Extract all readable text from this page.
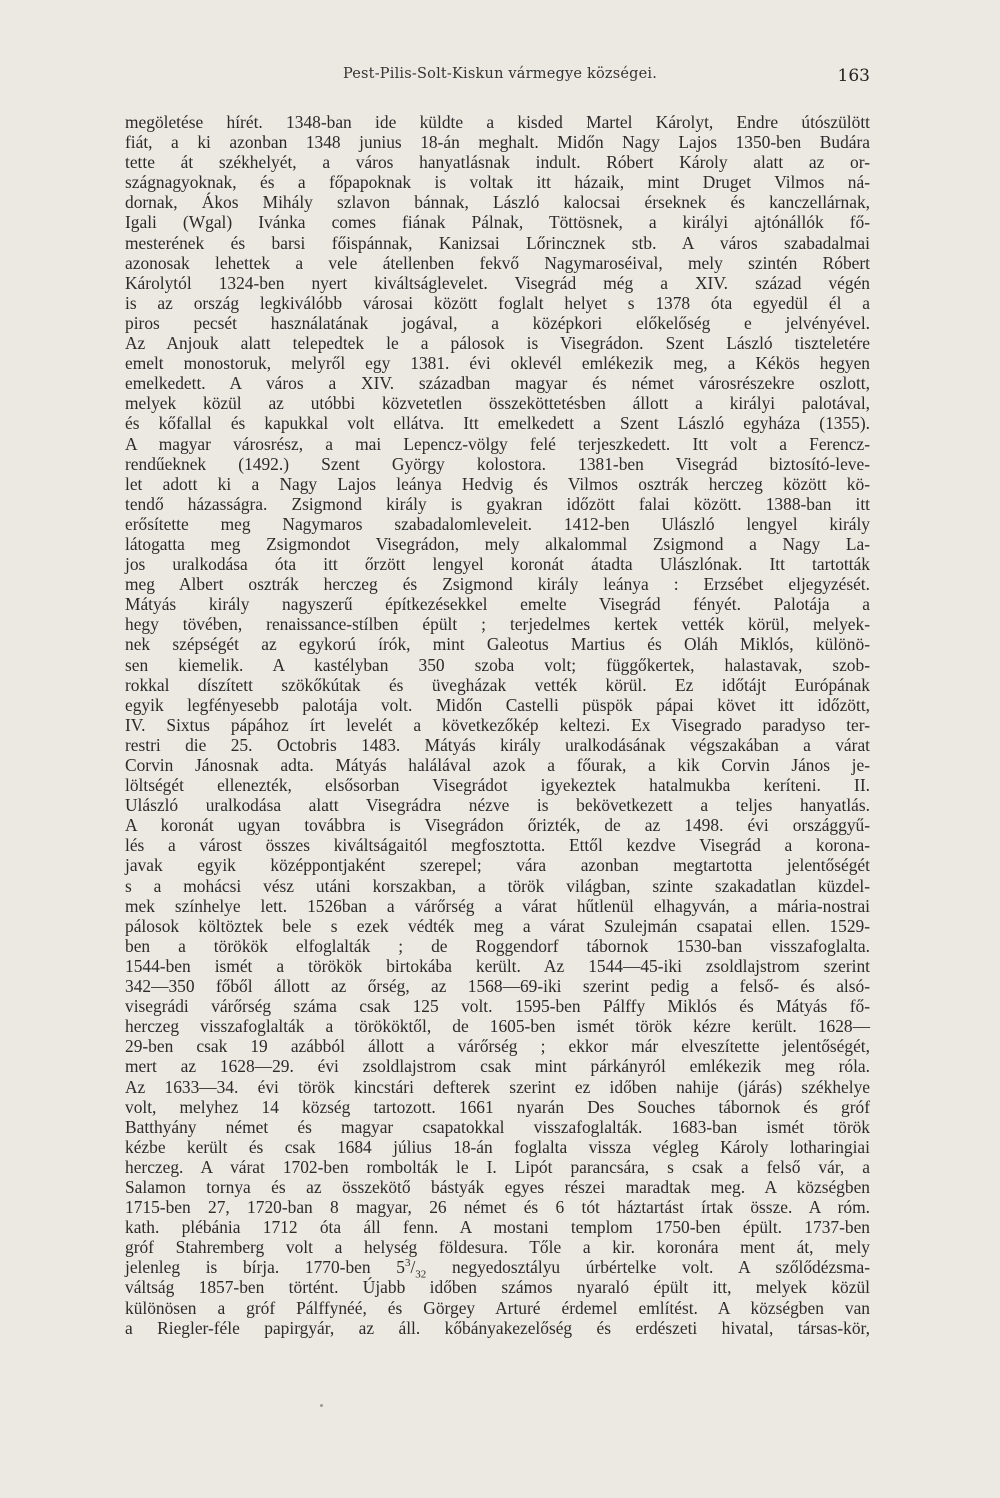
Pest-Pilis-Solt-Kiskun vármegye községei.	163
megöletése hírét. 1348-ban ide küldte a kisded Martel Károlyt, Endre útószülött
fiát, a ki azonban 1348 junius 18-án meghalt. Midőn Nagy Lajos 1350-ben Budára
tette át székhelyét, a város hanyatlásnak indult. Róbert Károly alatt az or-
szágnagyoknak, és a főpapoknak is voltak itt házaik, mint Druget Vilmos ná-
dornak, Ákos Mihály szlavon bánnak, László kalocsai érseknek és kanczellárnak,
Igali (Wgal) Ivánka comes fiának Pálnak, Töttösnek, a királyi ajtónállók fő-
mesterének és barsi főispánnak, Kanizsai Lőrincznek stb. A város szabadalmai
azonosak lehettek a vele átellenben fekvő Nagymaroséival, mely szintén Róbert
Károlytól 1324-ben nyert kiváltságlevelet. Visegrád még a XIV. század végén
is az ország legkiválóbb városai között foglalt helyet s 1378 óta egyedül él a
piros pecsét használatának jogával, a középkori előkelőség e jelvényével.
Az Anjouk alatt telepedtek le a pálosok is Visegrádon. Szent László tiszteletére
emelt monostoruk, melyről egy 1381. évi oklevél emlékezik meg, a Kékös hegyen
emelkedett. A város a XIV. században magyar és német városrészekre oszlott,
melyek közül az utóbbi közvetetlen összeköttetésben állott a királyi palotával,
és kőfallal és kapukkal volt ellátva. Itt emelkedett a Szent László egyháza (1355).
A magyar városrész, a mai Lepencz-völgy felé terjeszkedett. Itt volt a Ferencz-
rendűeknek (1492.) Szent György kolostora. 1381-ben Visegrád biztosító-leve-
let adott ki a Nagy Lajos leánya Hedvig és Vilmos osztrák herczeg között kö-
tendő házasságra. Zsigmond király is gyakran időzött falai között. 1388-ban itt
erősítette meg Nagymaros szabadalomleveleit. 1412-ben Ulászló lengyel király
látogatta meg Zsigmondot Visegrádon, mely alkalommal Zsigmond a Nagy La-
jos uralkodása óta itt őrzött lengyel koronát átadta Ulászlónak. Itt tartották
meg Albert osztrák herczeg és Zsigmond király leánya : Erzsébet eljegyzését.
Mátyás király nagyszerű építkezésekkel emelte Visegrád fényét. Palotája a
hegy tövében, renaissance-stílben épült ; terjedelmes kertek vették körül, melyek-
nek szépségét az egykorú írók, mint Galeotus Martius és Oláh Miklós, különö-
sen kiemelik. A kastélyban 350 szoba volt; függőkertek, halastavak, szob-
rokkal díszített szökőkútak és üvegházak vették körül. Ez időtájt Európának
egyik legfényesebb palotája volt. Midőn Castelli püspök pápai követ itt időzött,
IV. Sixtus pápához írt levelét a következőkép keltezi. Ex Visegrado paradyso ter-
restri die 25. Octobris 1483. Mátyás király uralkodásának végszakában a várat
Corvin Jánosnak adta. Mátyás halálával azok a főurak, a kik Corvin János je-
löltségét ellenezték, elsősorban Visegrádot igyekeztek hatalmukba keríteni. II.
Ulászló uralkodása alatt Visegrádra nézve is bekövetkezett a teljes hanyatlás.
A koronát ugyan továbbra is Visegrádon őrizték, de az 1498. évi országgyű-
lés a várost összes kiváltságaitól megfosztotta. Ettől kezdve Visegrád a korona-
javak egyik középpontjaként szerepel; vára azonban megtartotta jelentőségét
s a mohácsi vész utáni korszakban, a török világban, szinte szakadatlan küzdel-
mek színhelye lett. 1526ban a várőrség a várat hűtlenül elhagyván, a mária-nostrai
pálosok költöztek bele s ezek védték meg a várat Szulejmán csapatai ellen. 1529-
ben a törökök elfoglalták ; de Roggendorf tábornok 1530-ban visszafoglalta.
1544-ben ismét a törökök birtokába került. Az 1544—45-iki zsoldlajstrom szerint
342—350 főből állott az őrség, az 1568—69-iki szerint pedig a felső- és alsó-
visegrádi várőrség száma csak 125 volt. 1595-ben Pálffy Miklós és Mátyás fő-
herczeg visszafoglalták a törököktől, de 1605-ben ismét török kézre került. 1628—
29-ben csak 19 azábból állott a várőrség ; ekkor már elveszítette jelentőségét,
mert az 1628—29. évi zsoldlajstrom csak mint párkányról emlékezik meg róla.
Az 1633—34. évi török kincstári defterek szerint ez időben nahije (járás) székhelye
volt, melyhez 14 község tartozott. 1661 nyarán Des Souches tábornok és gróf
Batthyány német és magyar csapatokkal visszafoglalták. 1683-ban ismét török
kézbe került és csak 1684 július 18-án foglalta vissza végleg Károly lotharingiai
herczeg. A várat 1702-ben rombolták le I. Lipót parancsára, s csak a felső vár, a
Salamon tornya és az összekötő bástyák egyes részei maradtak meg. A községben
1715-ben 27, 1720-ban 8 magyar, 26 német és 6 tót háztartást írtak össze. A róm.
kath. plébánia 1712 óta áll fenn. A mostani templom 1750-ben épült. 1737-ben
gróf Stahremberg volt a helység földesura. Tőle a kir. koronára ment át, mely
jelenleg is bírja. 1770-ben $5^3/_{32}$ negyedosztályu úrbértelke volt. A szőlődézsma-
váltság 1857-ben történt. Újabb időben számos nyaraló épült itt, melyek közül
különösen a gróf Pálffynéé, és Görgey Arturé érdemel említést. A községben van
a Riegler-féle papirgyár, az áll. kőbányakezelőség és erdészeti hivatal, társas-kör,
